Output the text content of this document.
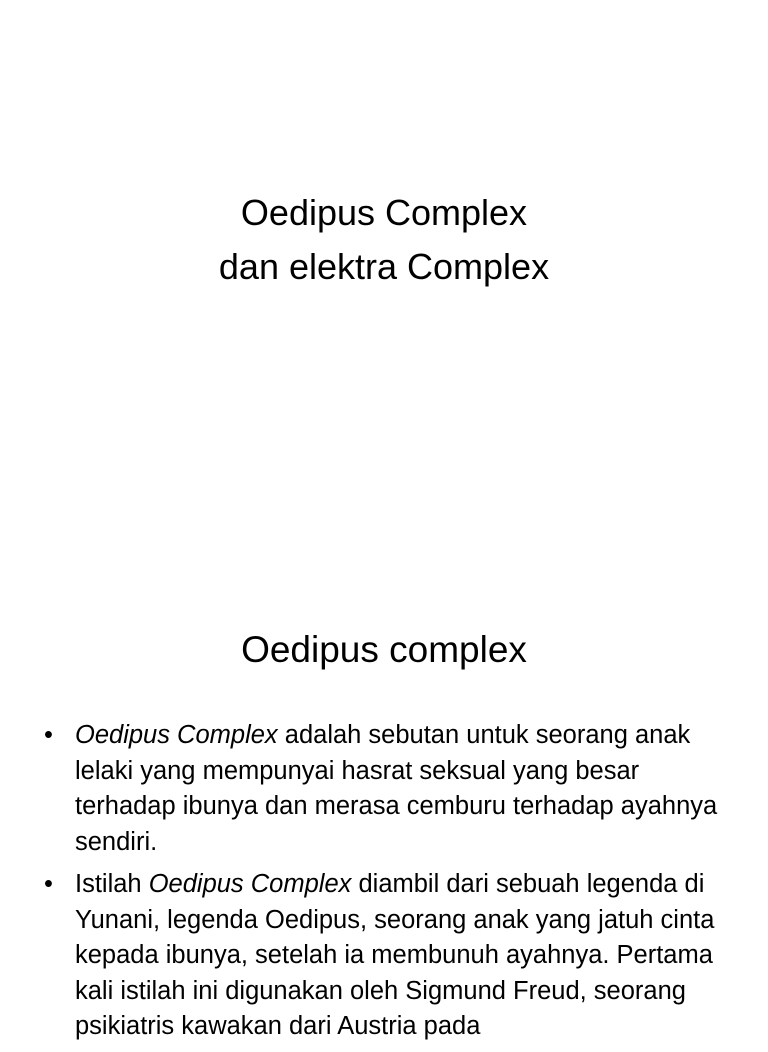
Oedipus Complex
dan elektra Complex
Oedipus complex
• Oedipus Complex adalah sebutan untuk seorang anak lelaki yang mempunyai hasrat seksual yang besar terhadap ibunya dan merasa cemburu terhadap ayahnya sendiri.
• Istilah Oedipus Complex diambil dari sebuah legenda di Yunani, legenda Oedipus, seorang anak yang jatuh cinta kepada ibunya, setelah ia membunuh ayahnya. Pertama kali istilah ini digunakan oleh Sigmund Freud, seorang psikiatris kawakan dari Austria pada
